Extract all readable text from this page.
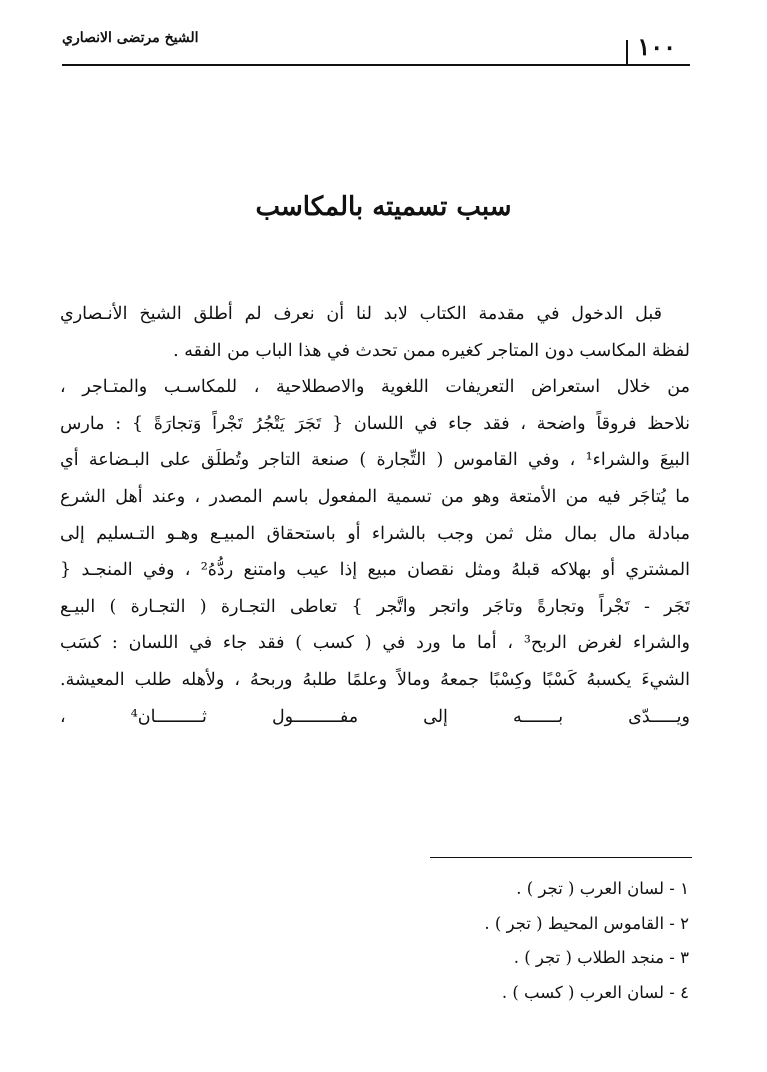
الشيخ مرتضى الانصاري	١٠٠
سبب تسميته بالمكاسب
قبل الدخول في مقدمة الكتاب لابد لنا أن نعرف لم أطلق الشيخ الأنـصاري
لفظة المكاسب دون المتاجر كغيره ممن تحدث في هذا الباب من الفقه .
من خلال استعراض التعريفات اللغوية والاصطلاحية ، للمكاسـب والمتـاجر ،
نلاحظ فروقاً واضحة ، فقد جاء في اللسان { تَجَرَ يَتْجُرُ تَجْراً وَتجارَةً } : مارس
البيعَ والشراء¹ ، وفي القاموس ( التِّجارة ) صنعة التاجر وتُطلَق على البـضاعة أي
ما يُتاجَر فيه من الأمتعة وهو من تسمية المفعول باسم المصدر ، وعند أهل الشرع
مبادلة مال بمال مثل ثمن وجب بالشراء أو باستحقاق المبيـع وهـو التـسليم إلى
المشتري أو بهلاكه قبلهُ ومثل نقصان مبيع إذا عيب وامتنع ردُّهُ² ، وفي المنجـد {
تَجَر - تَجْراً وتجارةً وتاجَر واتجر واتَّجر } تعاطى التجـارة ( التجـارة ) البيـع
والشراء لغرض الربح³ ، أما ما ورد في ( كسب ) فقد جاء في اللسان : كسَب
الشيءَ يكسبهُ كَسْبًا وكِسْبًا جمعهُ ومالاً وعلمًا طلبهُ وربحهُ ، ولأهله طلب المعيشة.
ويـــــدّى بـــــــه إلى مفـــــــــول ثـــــــــان⁴ ،
١ - لسان العرب ( تجر ) .
٢ - القاموس المحيط ( تجر ) .
٣ - منجد الطلاب ( تجر ) .
٤ - لسان العرب ( كسب ) .
